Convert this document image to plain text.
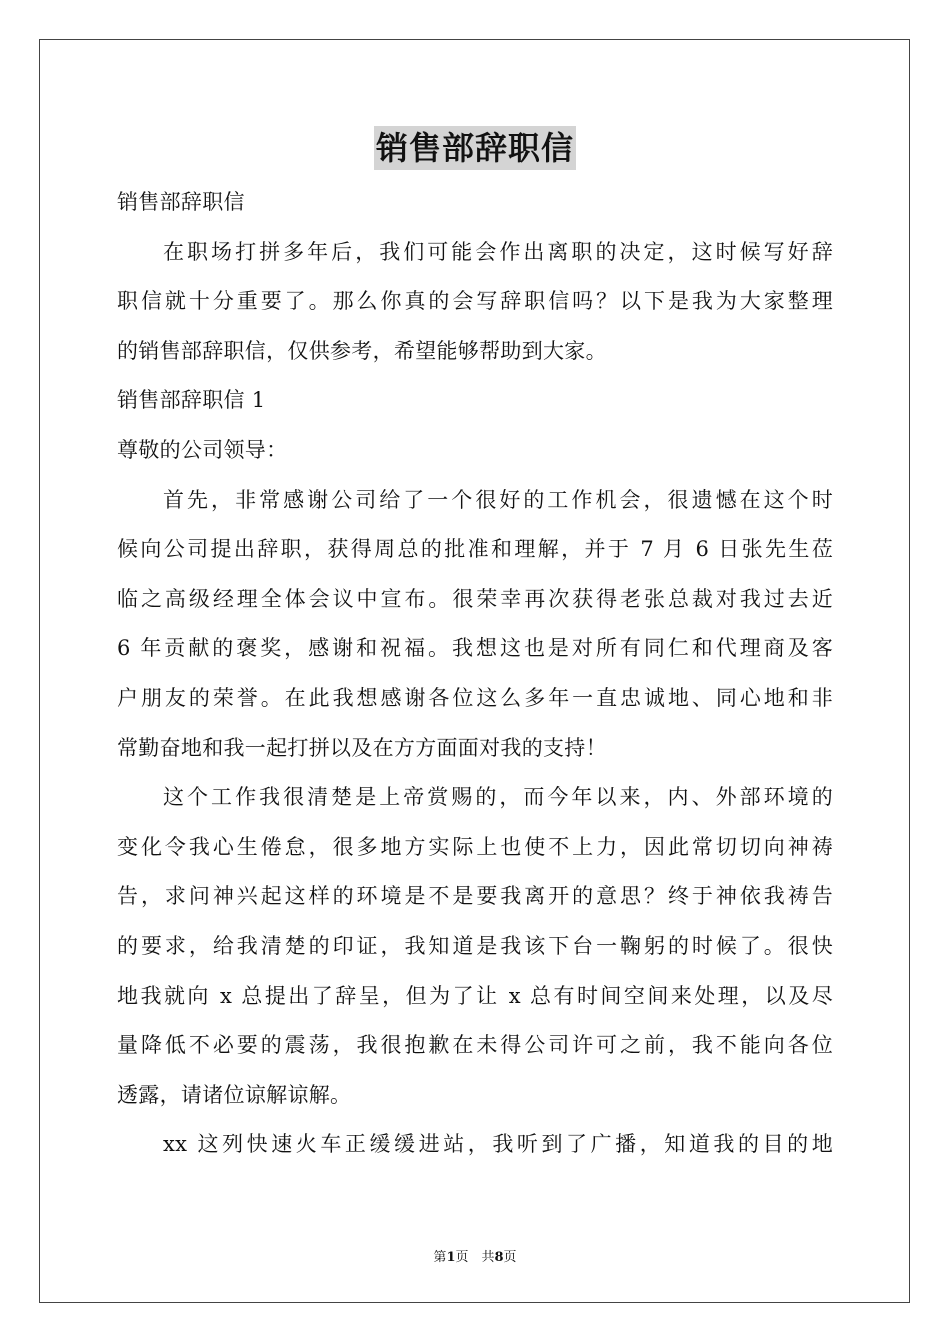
销售部辞职信
销售部辞职信
在职场打拼多年后，我们可能会作出离职的决定，这时候写好辞
职信就十分重要了。那么你真的会写辞职信吗？以下是我为大家整理
的销售部辞职信，仅供参考，希望能够帮助到大家。
销售部辞职信 1
尊敬的公司领导：
首先，非常感谢公司给了一个很好的工作机会，很遗憾在这个时
候向公司提出辞职，获得周总的批准和理解，并于 7 月 6 日张先生莅
临之高级经理全体会议中宣布。很荣幸再次获得老张总裁对我过去近
6 年贡献的褒奖，感谢和祝福。我想这也是对所有同仁和代理商及客
户朋友的荣誉。在此我想感谢各位这么多年一直忠诚地、同心地和非
常勤奋地和我一起打拼以及在方方面面对我的支持！
这个工作我很清楚是上帝赏赐的，而今年以来，内、外部环境的
变化令我心生倦怠，很多地方实际上也使不上力，因此常切切向神祷
告，求问神兴起这样的环境是不是要我离开的意思？终于神依我祷告
的要求，给我清楚的印证，我知道是我该下台一鞠躬的时候了。很快
地我就向 x 总提出了辞呈，但为了让 x 总有时间空间来处理，以及尽
量降低不必要的震荡，我很抱歉在未得公司许可之前，我不能向各位
透露，请诸位谅解谅解。
xx 这列快速火车正缓缓进站，我听到了广播，知道我的目的地
第1页　共8页
